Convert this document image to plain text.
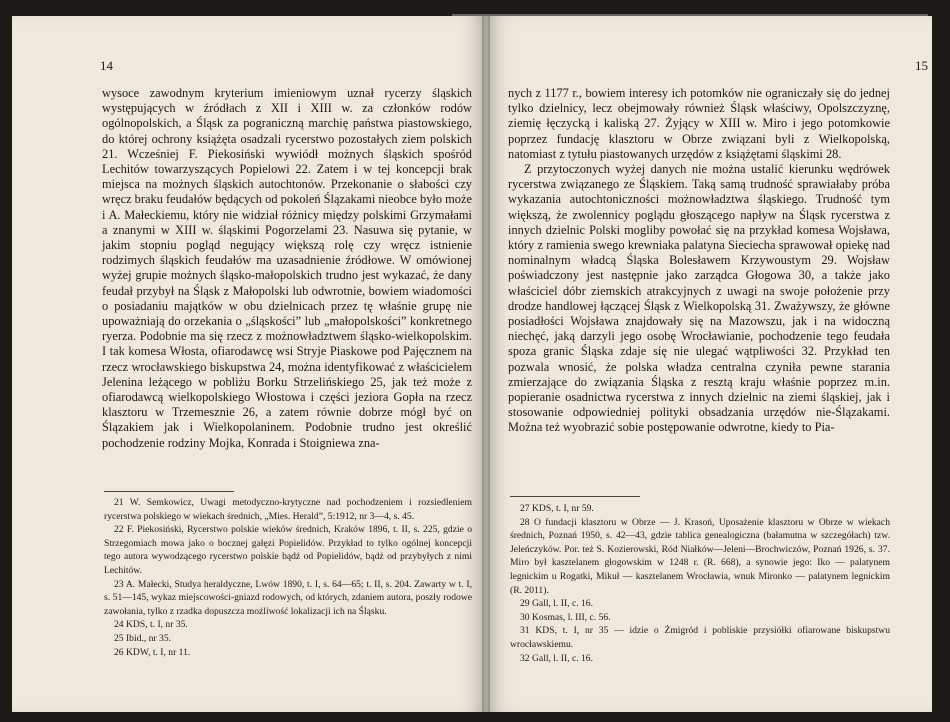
14

wysoce zawodnym kryterium imieniowym uznał rycerzy śląskich występujących w źródłach z XII i XIII w. za członków rodów ogólnopolskich, a Śląsk za pograniczną marchię państwa piastowskiego, do której ochrony książęta osadzali rycerstwo pozostałych ziem polskich 21. Wcześniej F. Piekosiński wywiódł możnych śląskich spośród Lechitów towarzyszących Popielowi 22. Zatem i w tej koncepcji brak miejsca na możnych śląskich autochtonów. Przekonanie o słabości czy wręcz braku feudałów będących od pokoleń Ślązakami nieobce było może i A. Małeckiemu, który nie widział różnicy między polskimi Grzymałami a znanymi w XIII w. śląskimi Pogorzelami 23. Nasuwa się pytanie, w jakim stopniu pogląd negujący większą rolę czy wręcz istnienie rodzimych śląskich feudałów ma uzasadnienie źródłowe. W omówionej wyżej grupie możnych śląsko-małopolskich trudno jest wykazać, że dany feudał przybył na Śląsk z Małopolski lub odwrotnie, bowiem wiadomości o posiadaniu majątków w obu dzielnicach przez tę właśnie grupę nie upoważniają do orzekania o „śląskości” lub „małopolskości” konkretnego ryerza. Podobnie ma się rzecz z możnowładztwem śląsko-wielkopolskim. I tak komesa Włosta, ofiarodawcę wsi Stryje Piaskowe pod Pajęcznem na rzecz wrocławskiego biskupstwa 24, można identyfikować z właścicielem Jelenina leżącego w pobliżu Borku Strzelińskiego 25, jak też może z ofiarodawcą wielkopolskiego Włostowa i części jeziora Gopła na rzecz klasztoru w Trzemesznie 26, a zatem równie dobrze mógł być on Ślązakiem jak i Wielkopolaninem. Podobnie trudno jest określić pochodzenie rodziny Mojka, Konrada i Stoigniewa zna-

21 W. Semkowicz, Uwagi metodyczno-krytyczne nad pochodzeniem i rozsiedleniem rycerstwa polskiego w wiekach średnich, „Mies. Herald”, 5:1912, nr 3—4, s. 45.

22 F. Piekosiński, Rycerstwo polskie wieków średnich, Kraków 1896, t. II, s. 225, gdzie o Strzegomiach mowa jako o bocznej gałęzi Popielidów. Przykład to tylko ogólnej koncepcji tego autora wywodzącego rycerstwo polskie bądź od Popielidów, bądź od przybyłych z nimi Lechitów.

23 A. Małecki, Studya heraldyczne, Lwów 1890, t. I, s. 64—65; t. II, s. 204. Zawarty w t. I, s. 51—145, wykaz miejscowości-gniazd rodowych, od których, zdaniem autora, poszły rodowe zawołania, tylko z rzadka dopuszcza możliwość lokalizacji ich na Śląsku.

24 KDS, t. I, nr 35.

25 Ibid., nr 35.

26 KDW, t. I, nr 11.

15

nych z 1177 r., bowiem interesy ich potomków nie ograniczały się do jednej tylko dzielnicy, lecz obejmowały również Śląsk właściwy, Opolszczyznę, ziemię łęczycką i kaliską 27. Żyjący w XIII w. Miro i jego potomkowie poprzez fundację klasztoru w Obrze związani byli z Wielkopolską, natomiast z tytułu piastowanych urzędów z książętami śląskimi 28.

Z przytoczonych wyżej danych nie można ustalić kierunku wędrówek rycerstwa związanego ze Śląskiem. Taką samą trudność sprawiałaby próba wykazania autochtoniczności możnowładztwa śląskiego. Trudność tym większą, że zwolennicy poglądu głoszącego napływ na Śląsk rycerstwa z innych dzielnic Polski mogliby powołać się na przykład komesa Wojsława, który z ramienia swego krewniaka palatyna Sieciecha sprawował opiekę nad nominalnym władcą Śląska Bolesławem Krzywoustym 29. Wojsław poświadczony jest następnie jako zarządca Głogowa 30, a także jako właściciel dóbr ziemskich atrakcyjnych z uwagi na swoje położenie przy drodze handlowej łączącej Śląsk z Wielkopolską 31. Zważywszy, że główne posiadłości Wojsława znajdowały się na Mazowszu, jak i na widoczną niechęć, jaką darzyli jego osobę Wrocławianie, pochodzenie tego feudała spoza granic Śląska zdaje się nie ulegać wątpliwości 32. Przykład ten pozwala wnosić, że polska władza centralna czyniła pewne starania zmierzające do związania Śląska z resztą kraju właśnie poprzez m.in. popieranie osadnictwa rycerstwa z innych dzielnic na ziemi śląskiej, jak i stosowanie odpowiedniej polityki obsadzania urzędów nie-Ślązakami. Można też wyobrazić sobie postępowanie odwrotne, kiedy to Pia-

27 KDS, t. I, nr 59.

28 O fundacji klasztoru w Obrze — J. Krasoń, Uposażenie klasztoru w Obrze w wiekach średnich, Poznań 1950, s. 42—43, gdzie tablica genealogiczna (bałamutna w szczegółach) tzw. Jeleńczyków. Por. też S. Kozierowski, Ród Niałków—Jeleni—Brochwiczów, Poznań 1926, s. 37. Miro był kasztelanem głogowskim w 1248 r. (R. 668), a synowie jego: Iko — palatynem legnickim u Rogatki, Mikuł — kasztelanem Wrocławia, wnuk Mironko — palatynem legnickim (R. 2011).

29 Gall, l. II, c. 16.

30 Kosmas, l. III, c. 56.

31 KDS, t. I, nr 35 — idzie o Żmigród i pobliskie przysiółki ofiarowane biskupstwu wrocławskiemu.

32 Gall, l. II, c. 16.
